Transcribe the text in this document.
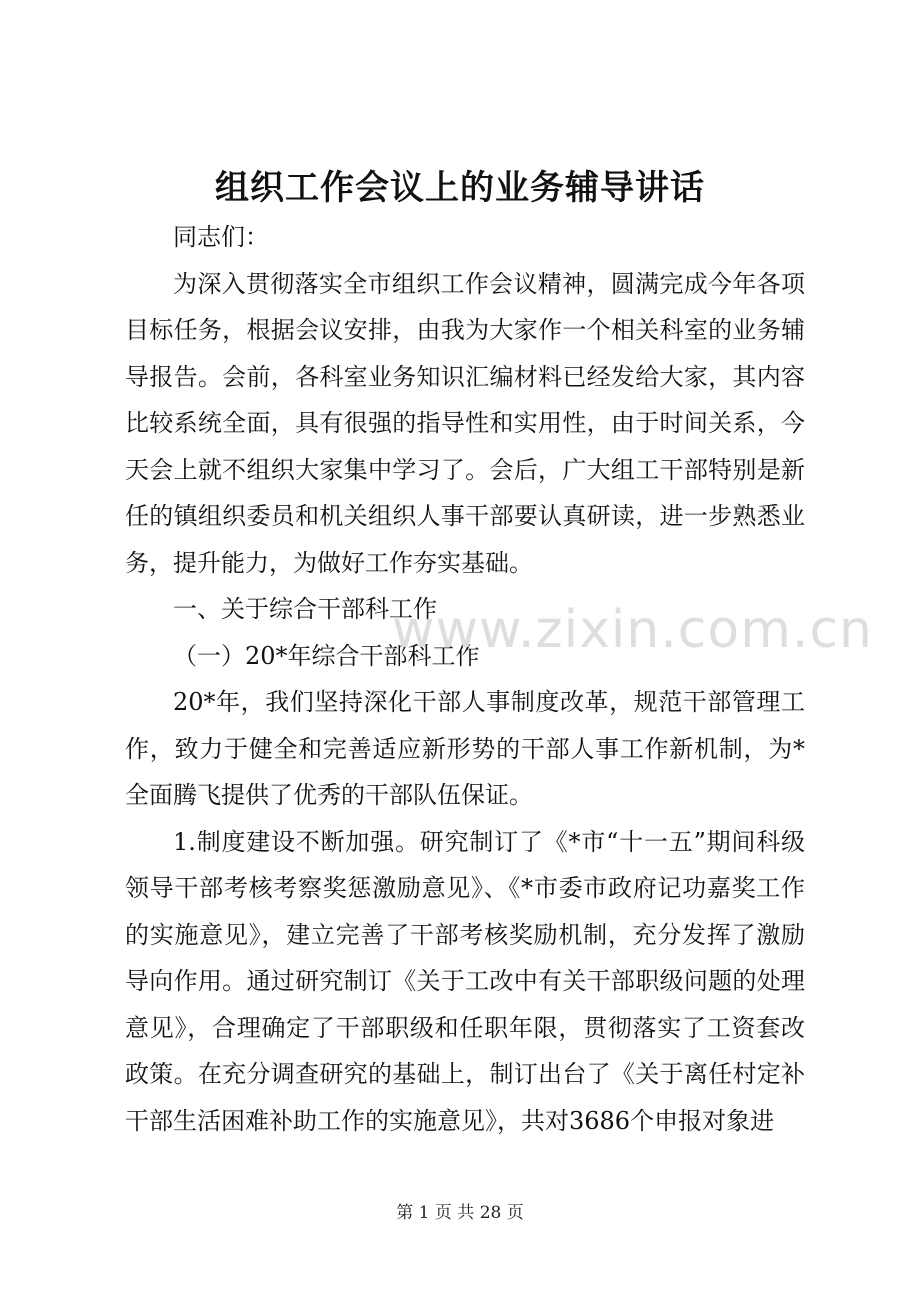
组织工作会议上的业务辅导讲话

同志们：

为深入贯彻落实全市组织工作会议精神，圆满完成今年各项目标任务，根据会议安排，由我为大家作一个相关科室的业务辅导报告。会前，各科室业务知识汇编材料已经发给大家，其内容比较系统全面，具有很强的指导性和实用性，由于时间关系，今天会上就不组织大家集中学习了。会后，广大组工干部特别是新任的镇组织委员和机关组织人事干部要认真研读，进一步熟悉业务，提升能力，为做好工作夯实基础。

一、关于综合干部科工作

（一）20*年综合干部科工作

20*年，我们坚持深化干部人事制度改革，规范干部管理工作，致力于健全和完善适应新形势的干部人事工作新机制，为*全面腾飞提供了优秀的干部队伍保证。

1.制度建设不断加强。研究制订了《*市“十一五”期间科级领导干部考核考察奖惩激励意见》、《*市委市政府记功嘉奖工作的实施意见》，建立完善了干部考核奖励机制，充分发挥了激励导向作用。通过研究制订《关于工改中有关干部职级问题的处理意见》，合理确定了干部职级和任职年限，贯彻落实了工资套改政策。在充分调查研究的基础上，制订出台了《关于离任村定补干部生活困难补助工作的实施意见》，共对3686个申报对象进

www.zixin.com.cn
第 1 页 共 28 页
